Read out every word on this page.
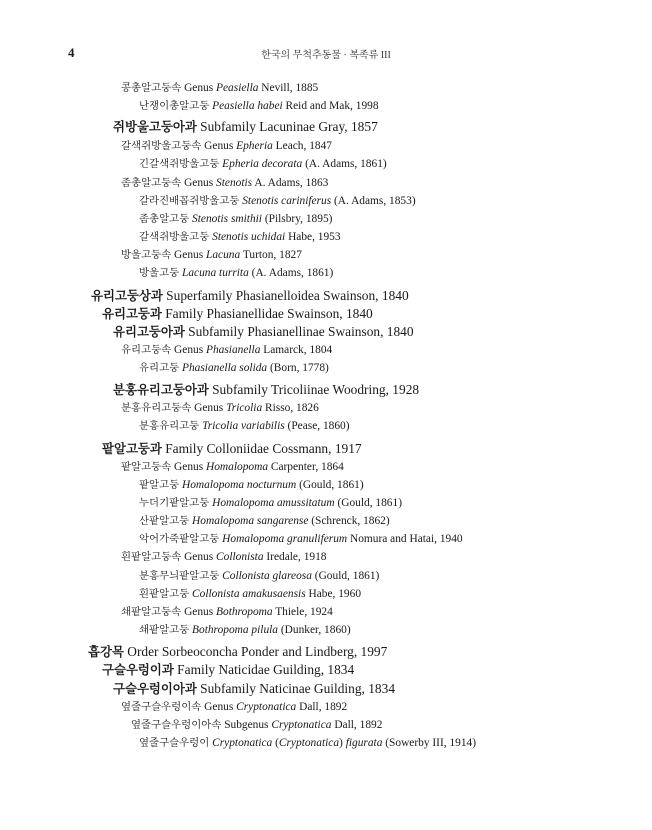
4	한국의 무척추동물 · 복족류 III
콩총알고둥속 Genus Peasiella Nevill, 1885
난쟁이총알고둥 Peasiella habei Reid and Mak, 1998
쥐방울고둥아과 Subfamily Lacuninae Gray, 1857
갈색쥐방울고둥속 Genus Epheria Leach, 1847
긴갈색쥐방울고둥 Epheria decorata (A. Adams, 1861)
좀총알고둥속 Genus Stenotis A. Adams, 1863
갈라진배꼽쥐방울고둥 Stenotis cariniferus (A. Adams, 1853)
좀총알고둥 Stenotis smithii (Pilsbry, 1895)
갈색쥐방울고둥 Stenotis uchidai Habe, 1953
방울고둥속 Genus Lacuna Turton, 1827
방울고둥 Lacuna turrita (A. Adams, 1861)
유리고둥상과 Superfamily Phasianelloidea Swainson, 1840
유리고둥과 Family Phasianellidae Swainson, 1840
유리고둥아과 Subfamily Phasianellinae Swainson, 1840
유리고둥속 Genus Phasianella Lamarck, 1804
유리고둥 Phasianella solida (Born, 1778)
분홍유리고둥아과 Subfamily Tricoliinae Woodring, 1928
분홍유리고둥속 Genus Tricolia Risso, 1826
분홍유리고둥 Tricolia variabilis (Pease, 1860)
팥알고둥과 Family Colloniidae Cossmann, 1917
팥알고둥속 Genus Homalopoma Carpenter, 1864
팥알고둥 Homalopoma nocturnum (Gould, 1861)
누더기팥알고둥 Homalopoma amussitatum (Gould, 1861)
산팥알고둥 Homalopoma sangarense (Schrenck, 1862)
악어가죽팥알고둥 Homalopoma granuliferum Nomura and Hatai, 1940
흰팥알고둥속 Genus Collonista Iredale, 1918
분홍무늬팥알고둥 Collonista glareosa (Gould, 1861)
흰팥알고둥 Collonista amakusaensis Habe, 1960
쇄팥알고둥속 Genus Bothropoma Thiele, 1924
쇄팥알고둥 Bothropoma pilula (Dunker, 1860)
흡강목 Order Sorbeoconcha Ponder and Lindberg, 1997
구슬우렁이과 Family Naticidae Guilding, 1834
구슬우렁이아과 Subfamily Naticinae Guilding, 1834
옆줄구슬우렁이속 Genus Cryptonatica Dall, 1892
옆줄구슬우렁이아속 Subgenus Cryptonatica Dall, 1892
옆줄구슬우렁이 Cryptonatica (Cryptonatica) figurata (Sowerby III, 1914)
